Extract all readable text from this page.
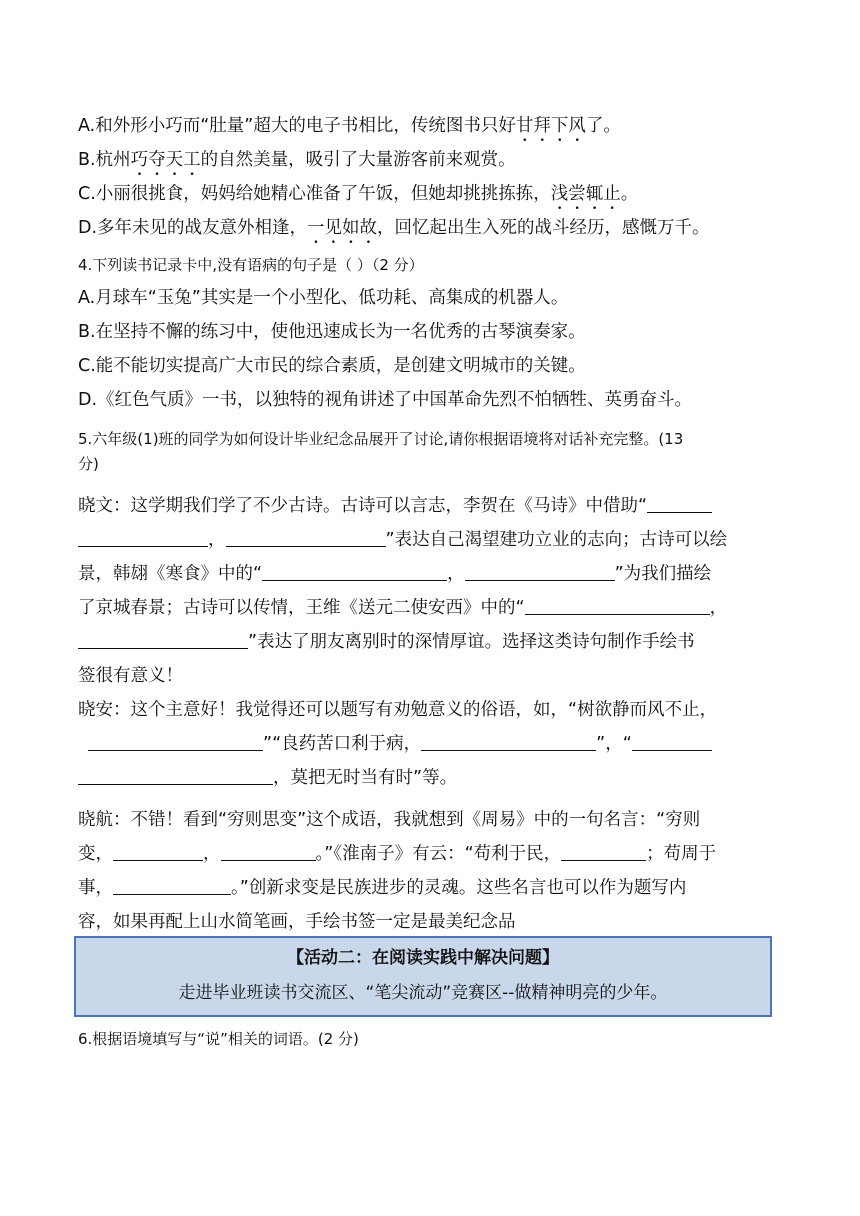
A.和外形小巧而“肚量”超大的电子书相比，传统图书只好甘拜下风了。
B.杭州巧夺天工的自然美量，吸引了大量游客前来观赏。
C.小丽很挑食，妈妈给她精心准备了午饭，但她却挑挑拣拣，浅尝辄止。
D.多年未见的战友意外相逢，一见如故，回忆起出生入死的战斗经历，感慨万千。
4.下列读书记录卡中,没有语病的句子是（ ）（2 分）
A.月球车“玉兔”其实是一个小型化、低功耗、高集成的机器人。
B.在坚持不懈的练习中，使他迅速成长为一名优秀的古琴演奏家。
C.能不能切实提高广大市民的综合素质，是创建文明城市的关键。
D.《红色气质》一书，以独特的视角讲述了中国革命先烈不怕牺牲、英勇奋斗。
5.六年级(1)班的同学为如何设计毕业纪念品展开了讨论,请你根据语境将对话补充完整。(13
分)
晓文：这学期我们学了不少古诗。古诗可以言志，李贺在《马诗》中借助“
，	”表达自己渴望建功立业的志向；古诗可以绘
景，韩翃《寒食》中的“	，	”为我们描绘
了京城春景；古诗可以传情，王维《送元二使安西》中的“	，
”表达了朋友离别时的深情厚谊。选择这类诗句制作手绘书
签很有意义！
晓安：这个主意好！我觉得还可以题写有劝勉意义的俗语，如，“树欲静而风不止，
”“良药苦口利于病，	”，“
，莫把无时当有时”等。
晓航：不错！看到“穷则思变”这个成语，我就想到《周易》中的一句名言：“穷则
变，	，	。”《淮南子》有云：“苟利于民，	；苟周于
事，	。”创新求变是民族进步的灵魂。这些名言也可以作为题写内
容，如果再配上山水简笔画，手绘书签一定是最美纪念品
6.根据语境填写与“说”相关的词语。(2 分)
【活动二：在阅读实践中解决问题】
走进毕业班读书交流区、“笔尖流动”竞赛区--做精神明亮的少年。
